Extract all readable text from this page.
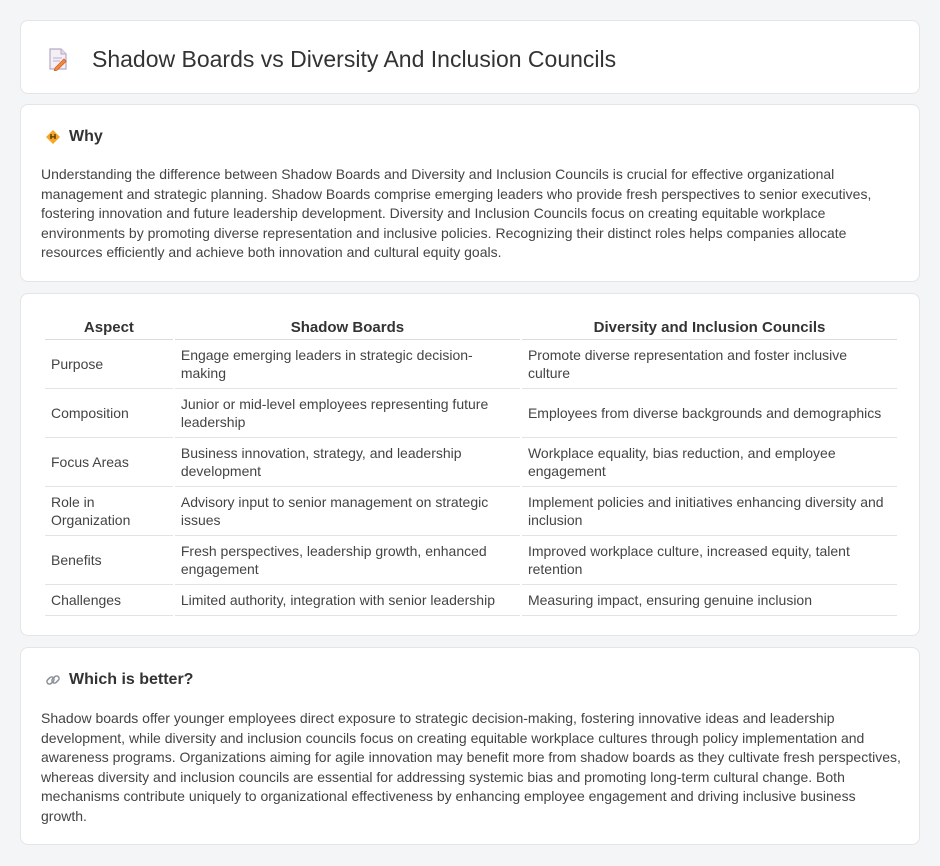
Shadow Boards vs Diversity And Inclusion Councils
Why

Understanding the difference between Shadow Boards and Diversity and Inclusion Councils is crucial for effective organizational management and strategic planning. Shadow Boards comprise emerging leaders who provide fresh perspectives to senior executives, fostering innovation and future leadership development. Diversity and Inclusion Councils focus on creating equitable workplace environments by promoting diverse representation and inclusive policies. Recognizing their distinct roles helps companies allocate resources efficiently and achieve both innovation and cultural equity goals.

Aspect	Shadow Boards	Diversity and Inclusion Councils
Purpose	Engage emerging leaders in strategic decision-making	Promote diverse representation and foster inclusive culture
Composition	Junior or mid-level employees representing future leadership	Employees from diverse backgrounds and demographics
Focus Areas	Business innovation, strategy, and leadership development	Workplace equality, bias reduction, and employee engagement
Role in Organization	Advisory input to senior management on strategic issues	Implement policies and initiatives enhancing diversity and inclusion
Benefits	Fresh perspectives, leadership growth, enhanced engagement	Improved workplace culture, increased equity, talent retention
Challenges	Limited authority, integration with senior leadership	Measuring impact, ensuring genuine inclusion
Which is better?

Shadow boards offer younger employees direct exposure to strategic decision-making, fostering innovative ideas and leadership development, while diversity and inclusion councils focus on creating equitable workplace cultures through policy implementation and awareness programs. Organizations aiming for agile innovation may benefit more from shadow boards as they cultivate fresh perspectives, whereas diversity and inclusion councils are essential for addressing systemic bias and promoting long-term cultural change. Both mechanisms contribute uniquely to organizational effectiveness by enhancing employee engagement and driving inclusive business growth.
